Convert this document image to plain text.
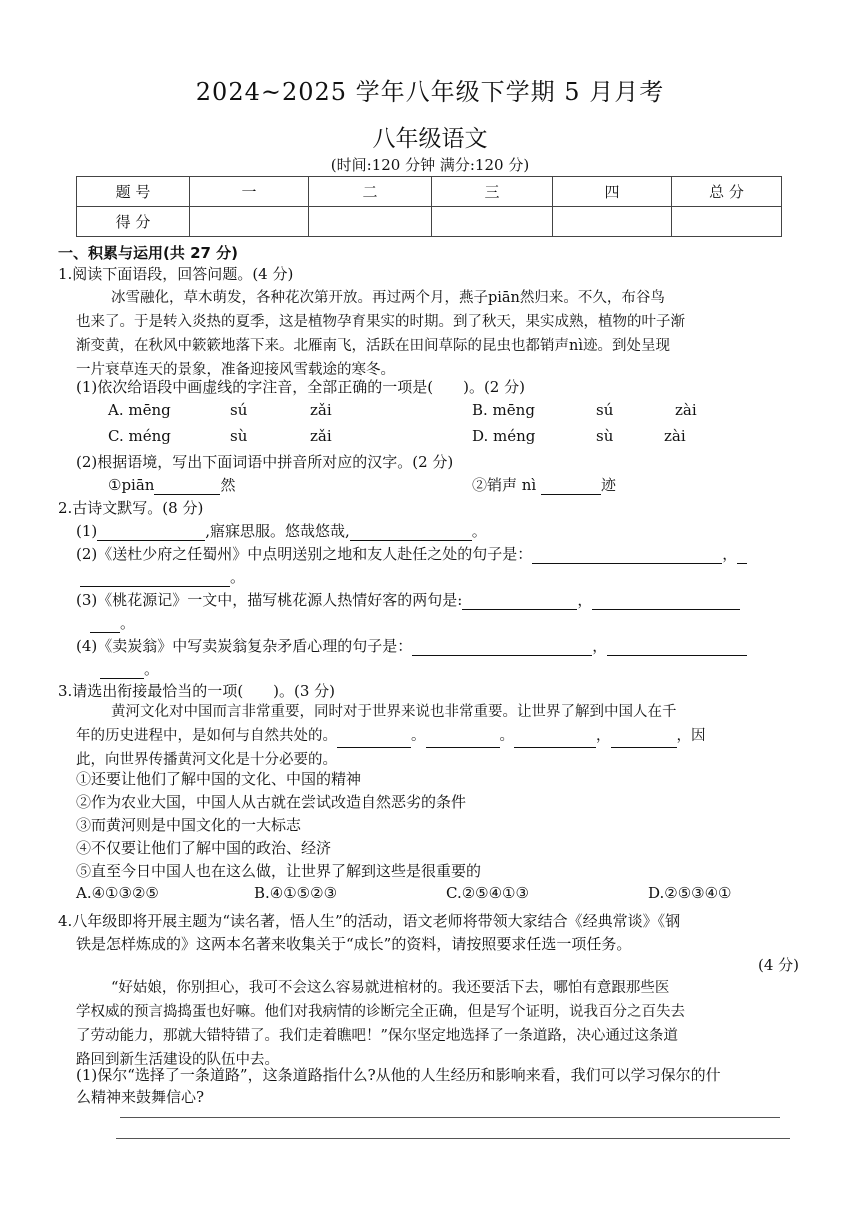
2024~2025 学年八年级下学期 5 月月考
八年级语文
(时间:120 分钟 满分:120 分)
题 号	一	二	三	四	总 分
得 分					
一、积累与运用(共 27 分)
1.阅读下面语段，回答问题。(4 分)
冰雪融化，草木萌发，各种花次第开放。再过两个月，燕子piān然归来。不久，布谷鸟
也来了。于是转入炎热的夏季，这是植物孕育果实的时期。到了秋天，果实成熟，植物的叶子渐
渐变黄，在秋风中簌簌地落下来。北雁南飞，活跃在田间草际的昆虫也都销声nì迹。到处呈现
一片衰草连天的景象，准备迎接风雪载途的寒冬。
(1)依次给语段中画虚线的字注音，全部正确的一项是(　　)。(2 分)
A. mēng	sú	zǎi	B. mēng	sú	zài
C. méng	sù	zǎi	D. méng	sù	zài
(2)根据语境，写出下面词语中拼音所对应的汉字。(2 分)
①piān	然	②销声 nì	迹
2.古诗文默写。(8 分)
(1)	,寤寐思服。悠哉悠哉,	。
(2)《送杜少府之任蜀州》中点明送别之地和友人赴任之处的句子是：	，
。
(3)《桃花源记》一文中，描写桃花源人热情好客的两句是:	，
。
(4)《卖炭翁》中写卖炭翁复杂矛盾心理的句子是：	，
。
3.请选出衔接最恰当的一项(　　)。(3 分)
黄河文化对中国而言非常重要，同时对于世界来说也非常重要。让世界了解到中国人在千
年的历史进程中，是如何与自然共处的。	。	。	，	，因
此，向世界传播黄河文化是十分必要的。
①还要让他们了解中国的文化、中国的精神
②作为农业大国，中国人从古就在尝试改造自然恶劣的条件
③而黄河则是中国文化的一大标志
④不仅要让他们了解中国的政治、经济
⑤直至今日中国人也在这么做，让世界了解到这些是很重要的
A.④①③②⑤	B.④①⑤②③	C.②⑤④①③	D.②⑤③④①
4.八年级即将开展主题为“读名著，悟人生”的活动，语文老师将带领大家结合《经典常谈》《钢
铁是怎样炼成的》这两本名著来收集关于“成长”的资料，请按照要求任选一项任务。
(4 分)
“好姑娘，你别担心，我可不会这么容易就进棺材的。我还要活下去，哪怕有意跟那些医
学权威的预言捣捣蛋也好嘛。他们对我病情的诊断完全正确，但是写个证明，说我百分之百失去
了劳动能力，那就大错特错了。我们走着瞧吧！”保尔坚定地选择了一条道路，决心通过这条道
路回到新生活建设的队伍中去。
(1)保尔“选择了一条道路”，这条道路指什么?从他的人生经历和影响来看，我们可以学习保尔的什
么精神来鼓舞信心?
